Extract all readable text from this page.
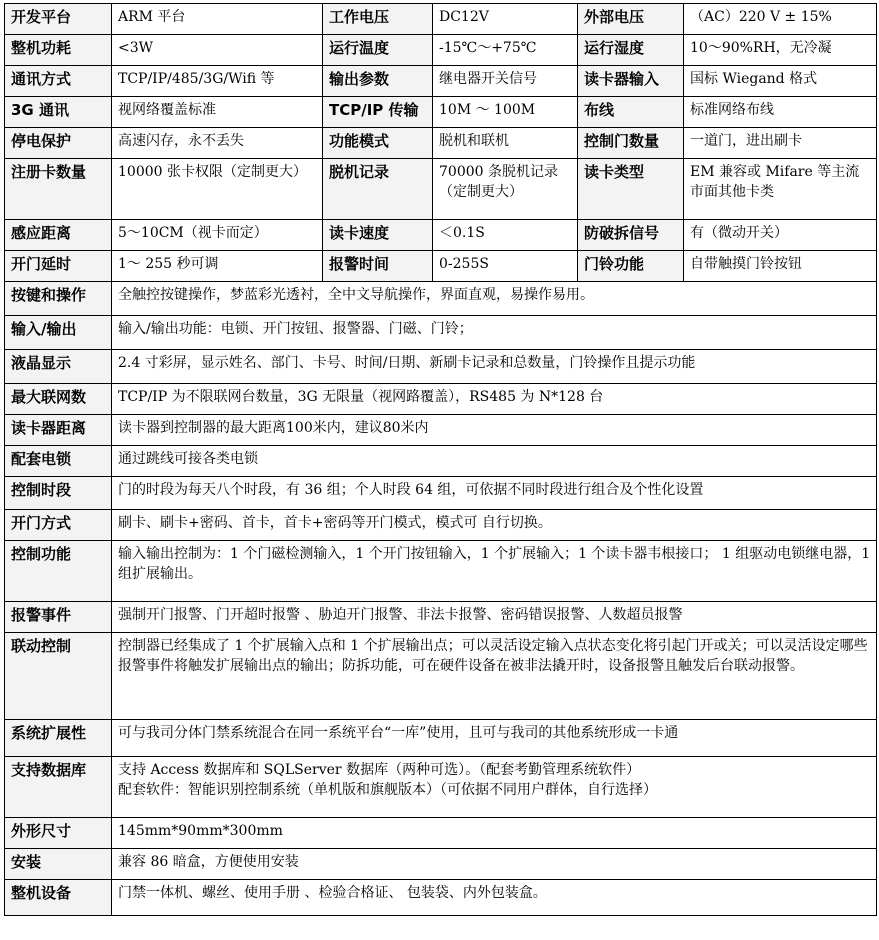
开发平台	ARM 平台	工作电压	DC12V	外部电压	（AC）220 V ± 15%
整机功耗	<3W	运行温度	-15℃～+75℃	运行湿度	10～90%RH，无冷凝
通讯方式	TCP/IP/485/3G/Wifi 等	输出参数	继电器开关信号	读卡器输入	国标 Wiegand 格式
3G 通讯	视网络覆盖标准	TCP/IP 传输	10M ～ 100M	布线	标准网络布线
停电保护	高速闪存，永不丢失	功能模式	脱机和联机	控制门数量	一道门，进出刷卡
注册卡数量	10000 张卡权限（定制更大）	脱机记录	70000 条脱机记录（定制更大）	读卡类型	EM 兼容或 Mifare 等主流市面其他卡类
感应距离	5～10CM（视卡而定）	读卡速度	＜0.1S	防破拆信号	有（微动开关）
开门延时	1～ 255 秒可调	报警时间	0-255S	门铃功能	自带触摸门铃按钮
按键和操作	全触控按键操作，梦蓝彩光透衬，全中文导航操作，界面直观，易操作易用。				
输入/输出	输入/输出功能：电锁、开门按钮、报警器、门磁、门铃；				
液晶显示	2.4 寸彩屏，显示姓名、部门、卡号、时间/日期、新刷卡记录和总数量，门铃操作且提示功能				
最大联网数	TCP/IP 为不限联网台数量，3G 无限量（视网路覆盖），RS485 为 N*128 台				
读卡器距离	读卡器到控制器的最大距离100米内，建议80米内				
配套电锁	通过跳线可接各类电锁				
控制时段	门的时段为每天八个时段，有 36 组；个人时段 64 组，可依据不同时段进行组合及个性化设置				
开门方式	刷卡、刷卡+密码、首卡，首卡+密码等开门模式，模式可 自行切换。				
控制功能	输入输出控制为：1 个门磁检测输入，1 个开门按钮输入，1 个扩展输入；1 个读卡器韦根接口； 1 组驱动电锁继电器，1 组扩展输出。				
报警事件	强制开门报警、门开超时报警 、胁迫开门报警、非法卡报警、密码错误报警、人数超员报警				
联动控制	控制器已经集成了 1 个扩展输入点和 1 个扩展输出点；可以灵活设定输入点状态变化将引起门开或关；可以灵活设定哪些报警事件将触发扩展输出点的输出；防拆功能，可在硬件设备在被非法撬开时，设备报警且触发后台联动报警。				
系统扩展性	可与我司分体门禁系统混合在同一系统平台“一库”使用，且可与我司的其他系统形成一卡通				
支持数据库	支持 Access 数据库和 SQLServer 数据库（两种可选）。（配套考勤管理系统软件）
配套软件：智能识别控制系统（单机版和旗舰版本）（可依据不同用户群体，自行选择）				

外形尺寸	145mm*90mm*300mm				
安装	兼容 86 暗盒，方便使用安装				
整机设备	门禁一体机、螺丝、使用手册 、检验合格证、 包装袋、内外包装盒。				
